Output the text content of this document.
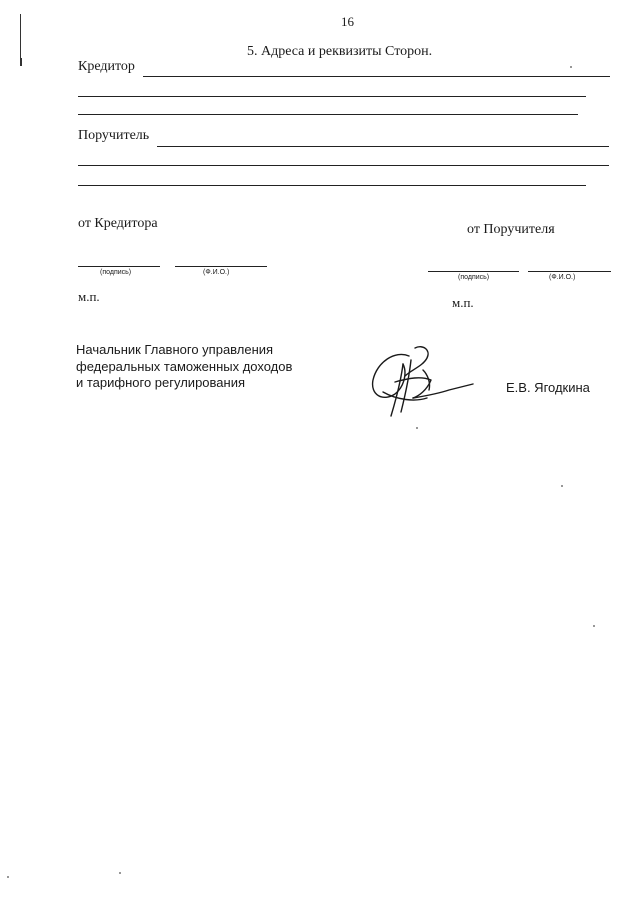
16
5. Адреса и реквизиты Сторон.
Кредитор
Поручитель
от Кредитора	от Поручителя
(подпись)	(Ф.И.О.)
(подпись)	(Ф.И.О.)
м.п.	м.п.
Начальник Главного управления
федеральных таможенных доходов
и тарифного регулирования	Е.В. Ягодкина
